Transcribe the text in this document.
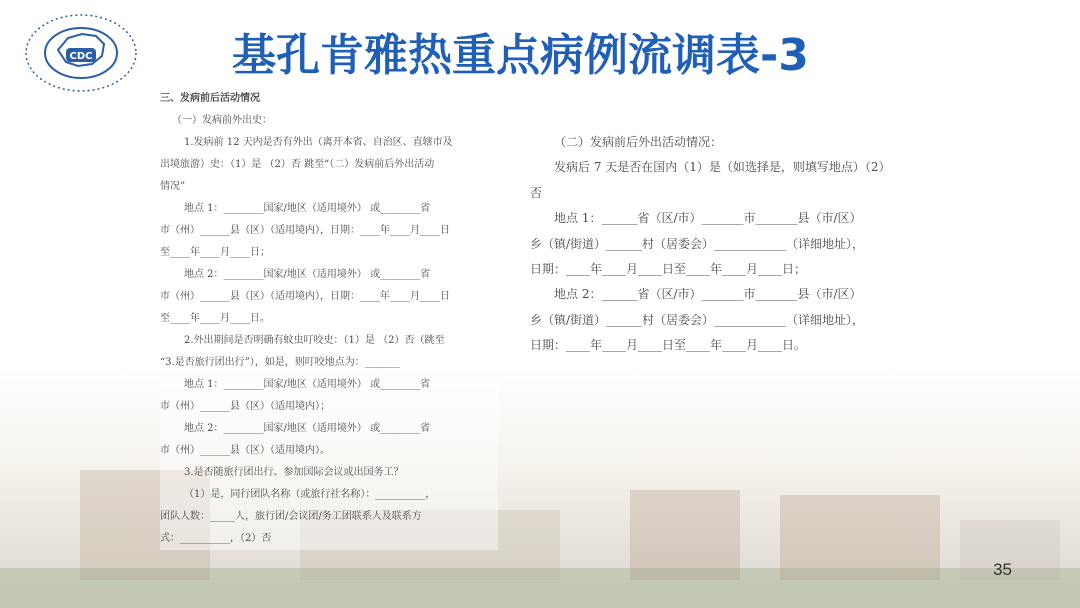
CDC	基孔肯雅热重点病例流调表-3

三、发病前后活动情况

（一）发病前外出史：

1.发病前 12 天内是否有外出（离开本省、自治区、直辖市及

出境旅游）史：（1）是 （2）否 跳至“（二）发病前后外出活动

情况”

地点 1：________国家/地区（适用境外） 或________省

市（州）______县（区）（适用境内），日期：____年____月____日

至____年____月____日；

地点 2：________国家/地区（适用境外） 或________省

市（州）______县（区）（适用境内），日期：____年____月____日

至____年____月____日。

2.外出期间是否明确有蚊虫叮咬史：（1）是 （2）否（跳至

“3.是否旅行团出行”），如是，则叮咬地点为：_______

地点 1：________国家/地区（适用境外） 或________省

市（州）______县（区）（适用境内）；

地点 2：________国家/地区（适用境外） 或________省

市（州）______县（区）（适用境内）。

3.是否随旅行团出行、参加国际会议或出国务工？

（1）是，同行团队名称（或旅行社名称）：__________，

团队人数：_____人，旅行团/会议团/务工团联系人及联系方

式：__________，（2）否

（二）发病前后外出活动情况：

发病后 7 天是否在国内（1）是（如选择是，则填写地点）（2）

否

地点 1：______省（区/市）_______市_______县（市/区）

乡（镇/街道）______村（居委会）____________（详细地址），

日期：____年____月____日至____年____月____日；

地点 2：______省（区/市）_______市_______县（市/区）

乡（镇/街道）______村（居委会）____________（详细地址），

日期：____年____月____日至____年____月____日。

35
